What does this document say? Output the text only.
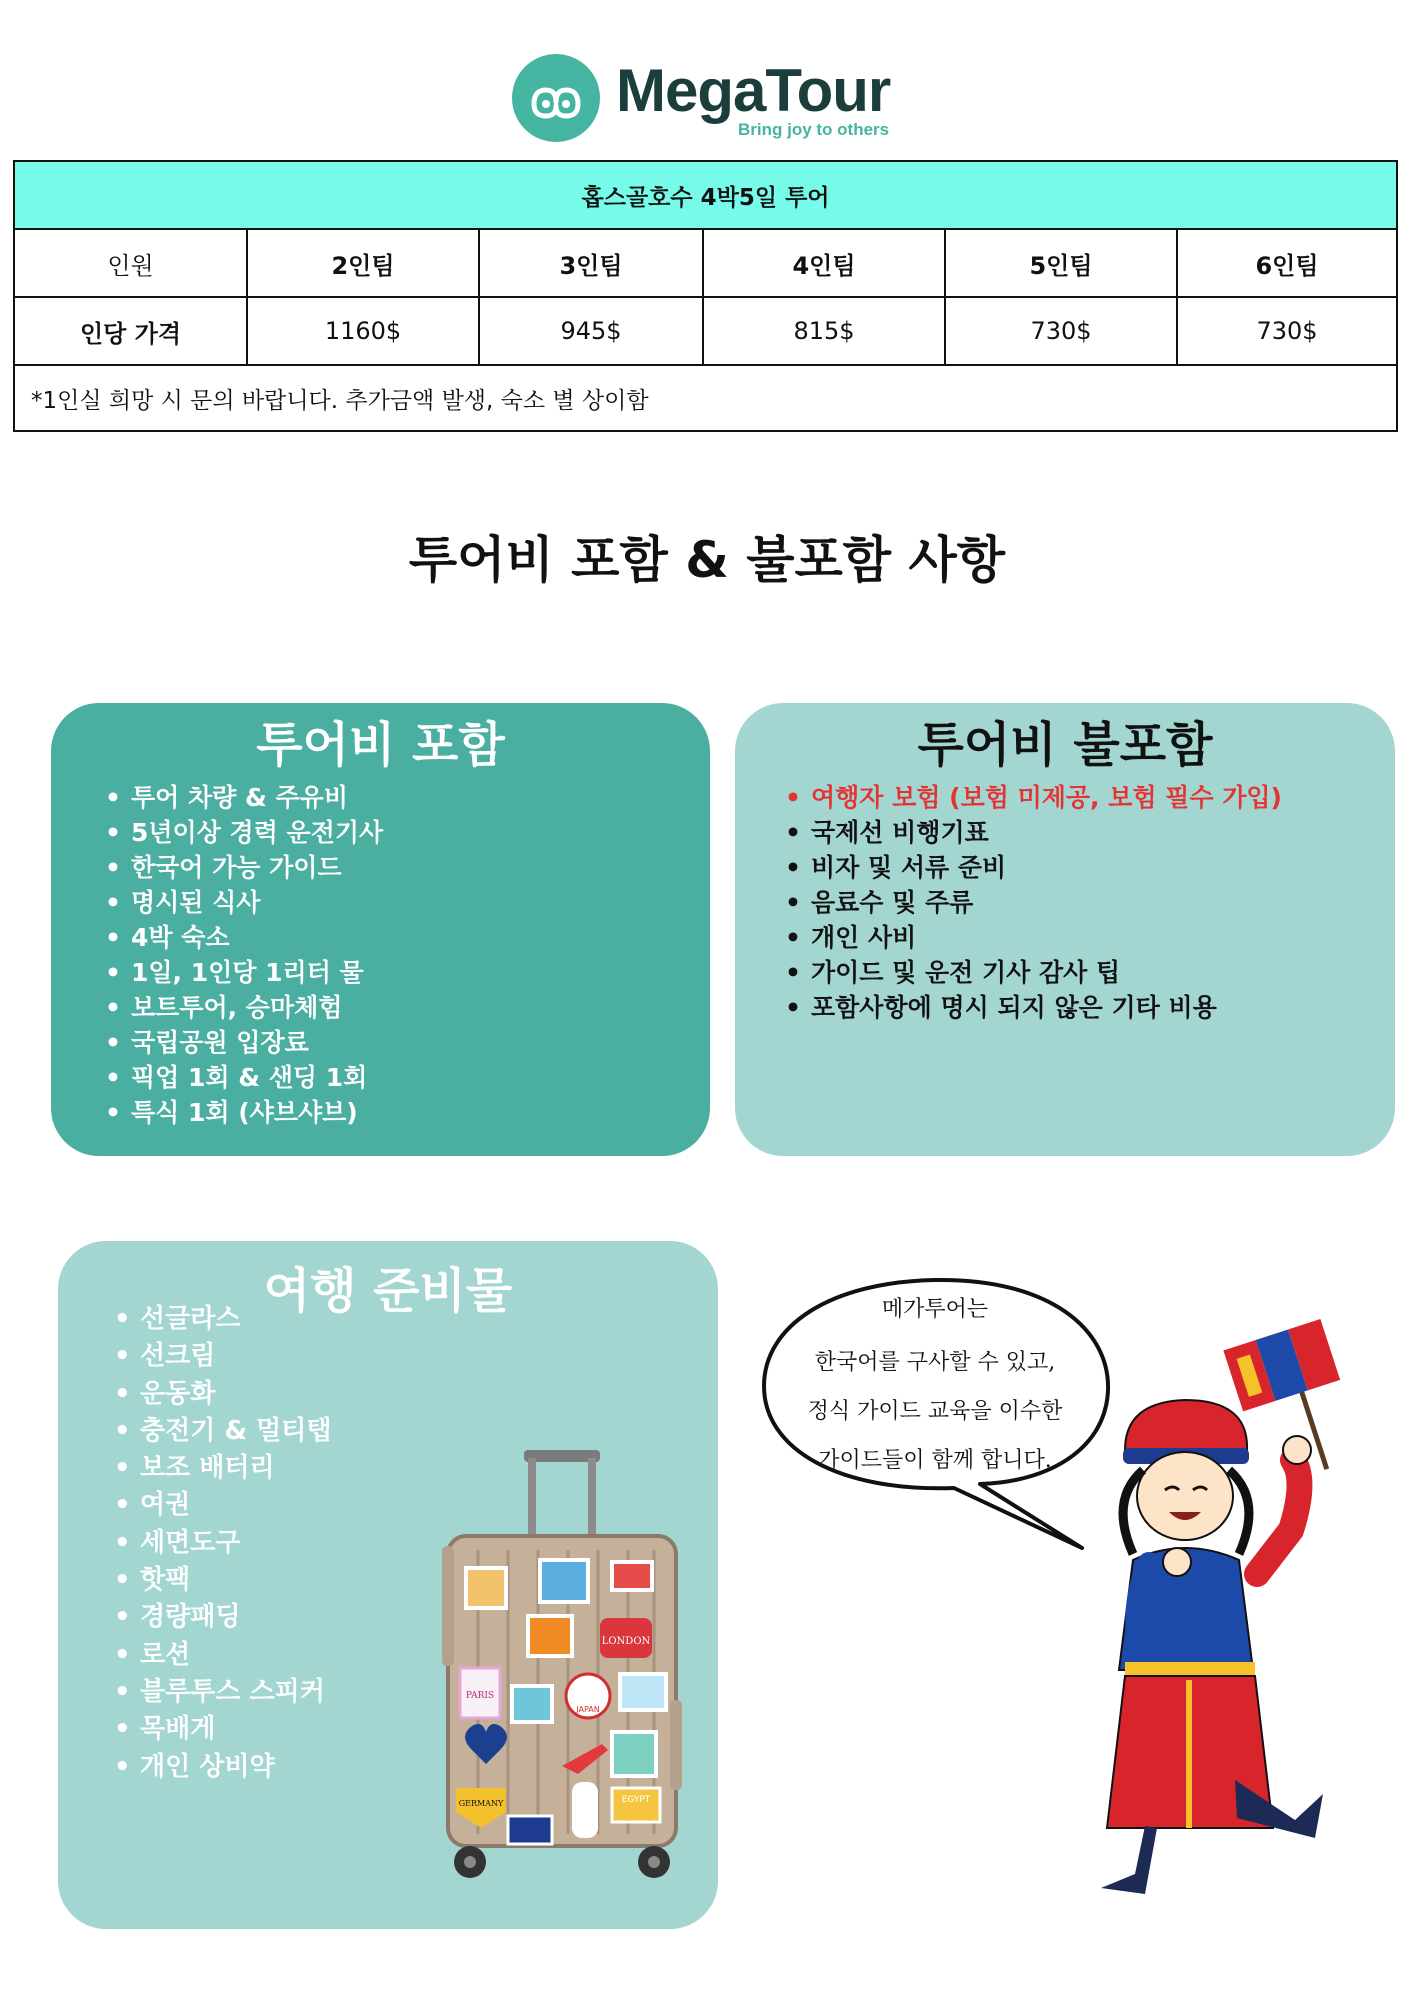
MegaTour
Bring joy to others
홉스골호수 4박5일 투어					
인원	2인팀	3인팀	4인팀	5인팀	6인팀
인당 가격	1160$	945$	815$	730$	730$
*1인실 희망 시 문의 바랍니다. 추가금액 발생, 숙소 별 상이함					
투어비 포함 & 불포함 사항
투어비 포함
• 투어 차량 & 주유비
• 5년이상 경력 운전기사
• 한국어 가능 가이드
• 명시된 식사
• 4박 숙소
• 1일, 1인당 1리터 물
• 보트투어, 승마체험
• 국립공원 입장료
• 픽업 1회 & 샌딩 1회
• 특식 1회 (샤브샤브)
투어비 불포함
• 여행자 보험 (보험 미제공, 보험 필수 가입)
• 국제선 비행기표
• 비자 및 서류 준비
• 음료수 및 주류
• 개인 사비
• 가이드 및 운전 기사 감사 팁
• 포함사항에 명시 되지 않은 기타 비용
여행 준비물
• 선글라스
• 선크림
• 운동화
• 충전기 & 멀티탭
• 보조 배터리
• 여권
• 세면도구
• 핫팩
• 경량패딩
• 로션
• 블루투스 스피커
• 목배게
• 개인 상비약
LONDON
PARIS
JAPAN
GERMANY	EGYPT
메가투어는
한국어를 구사할 수 있고,
정식 가이드 교육을 이수한
가이드들이 함께 합니다.
